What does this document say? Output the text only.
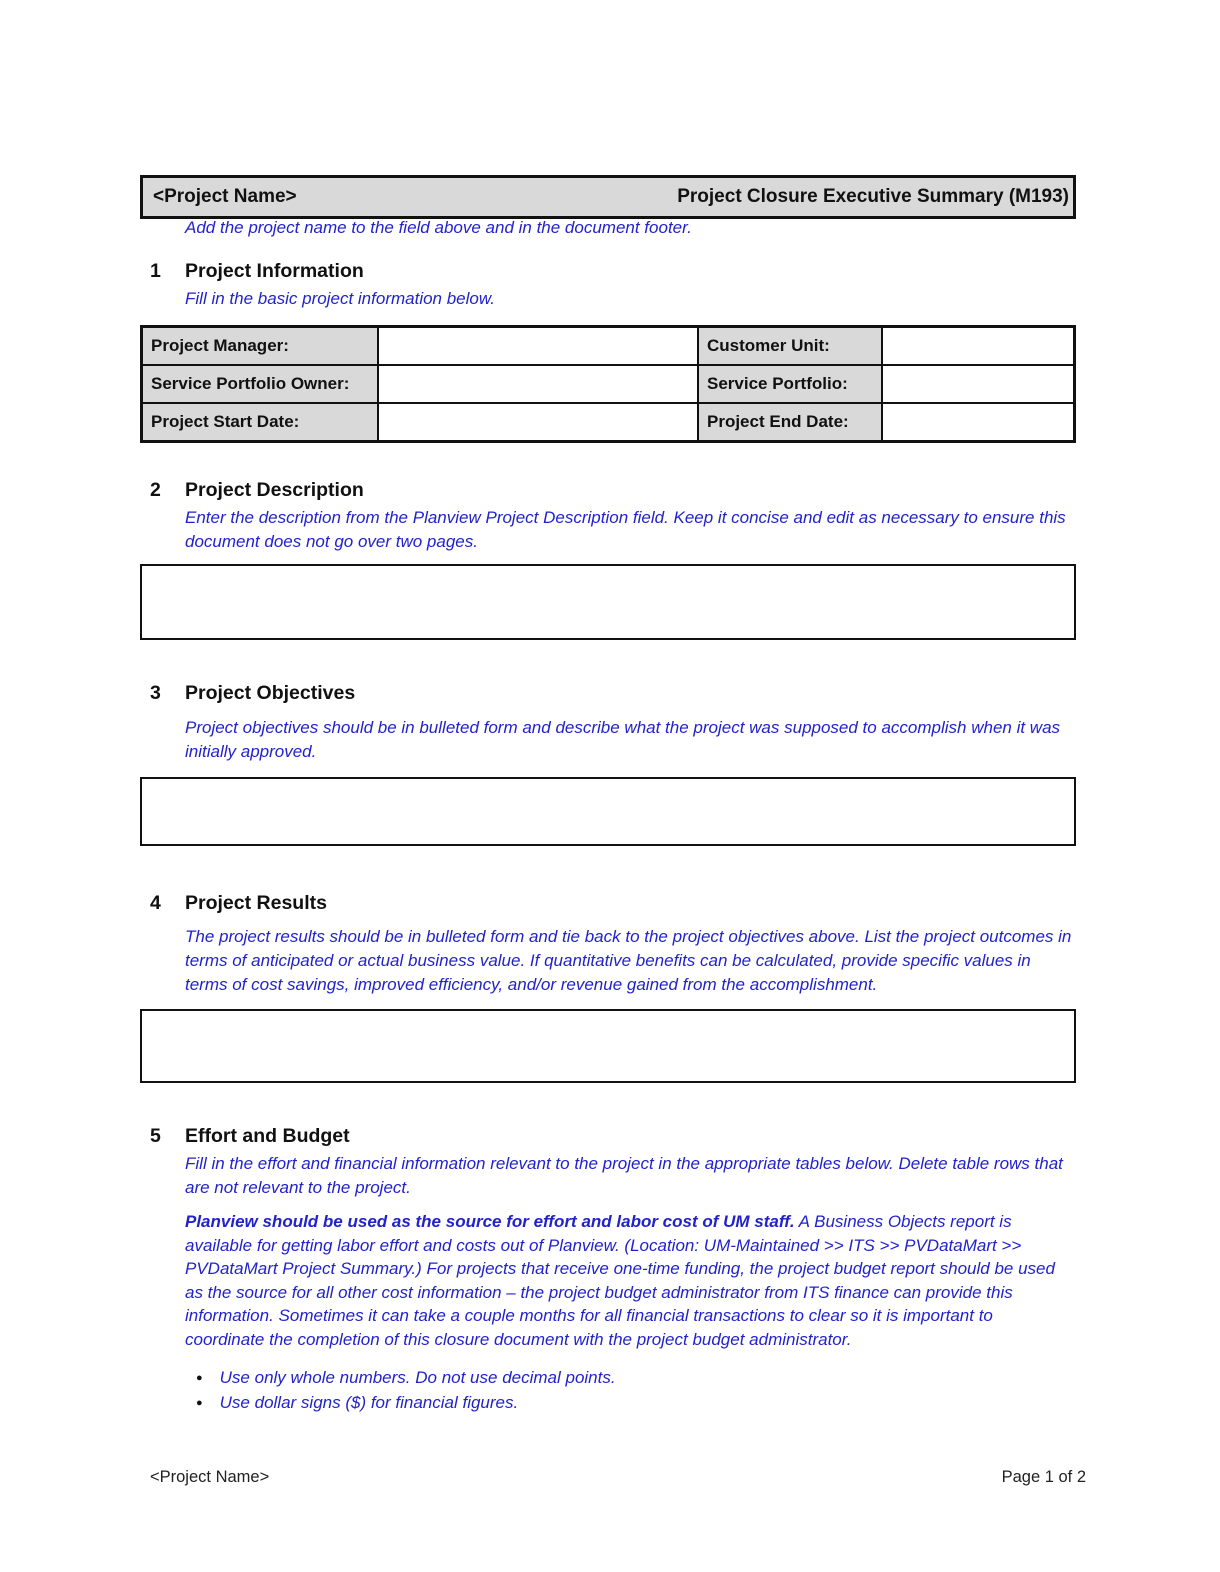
<Project Name>	Project Closure Executive Summary (M193)
Add the project name to the field above and in the document footer.
1	Project Information
Fill in the basic project information below.
Project Manager:	Customer Unit:
Service Portfolio Owner:	Service Portfolio:
Project Start Date:	Project End Date:
2	Project Description
Enter the description from the Planview Project Description field. Keep it concise and edit as necessary to ensure this document does not go over two pages.
3	Project Objectives
Project objectives should be in bulleted form and describe what the project was supposed to accomplish when it was initially approved.
4	Project Results
The project results should be in bulleted form and tie back to the project objectives above. List the project outcomes in terms of anticipated or actual business value. If quantitative benefits can be calculated, provide specific values in terms of cost savings, improved efficiency, and/or revenue gained from the accomplishment.
5	Effort and Budget
Fill in the effort and financial information relevant to the project in the appropriate tables below. Delete table rows that are not relevant to the project.
Planview should be used as the source for effort and labor cost of UM staff. A Business Objects report is available for getting labor effort and costs out of Planview. (Location: UM-Maintained >> ITS >> PVDataMart >> PVDataMart Project Summary.) For projects that receive one-time funding, the project budget report should be used as the source for all other cost information – the project budget administrator from ITS finance can provide this information. Sometimes it can take a couple months for all financial transactions to clear so it is important to coordinate the completion of this closure document with the project budget administrator.
● Use only whole numbers. Do not use decimal points.
● Use dollar signs ($) for financial figures.
<Project Name>	Page 1 of 2
